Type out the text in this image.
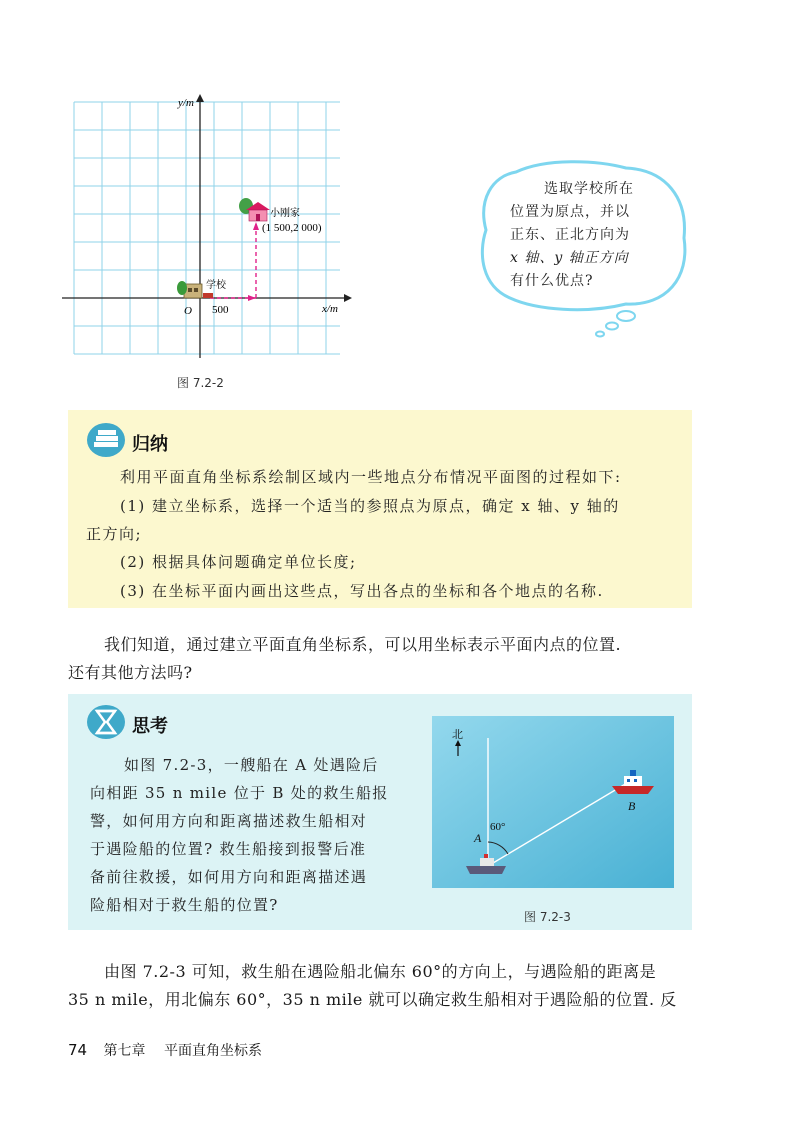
y/m
x/m
O 500
学校
小刚家
(1 500,2 000)
图 7.2-2
选取学校所在
位置为原点，并以
正东、正北方向为
x 轴、y 轴正方向
有什么优点?
归纳
利用平面直角坐标系绘制区域内一些地点分布情况平面图的过程如下:
(1) 建立坐标系，选择一个适当的参照点为原点，确定 x 轴、y 轴的
正方向;
(2) 根据具体问题确定单位长度;
(3) 在坐标平面内画出这些点，写出各点的坐标和各个地点的名称.
我们知道，通过建立平面直角坐标系，可以用坐标表示平面内点的位置.
还有其他方法吗?
思考
如图 7.2-3，一艘船在 A 处遇险后
向相距 35 n mile 位于 B 处的救生船报
警，如何用方向和距离描述救生船相对
于遇险船的位置? 救生船接到报警后准
备前往救援，如何用方向和距离描述遇
险船相对于救生船的位置?
北
60°
A
B
图 7.2-3
由图 7.2-3 可知，救生船在遇险船北偏东 60°的方向上，与遇险船的距离是
35 n mile，用北偏东 60°，35 n mile 就可以确定救生船相对于遇险船的位置. 反
74 第七章 平面直角坐标系
